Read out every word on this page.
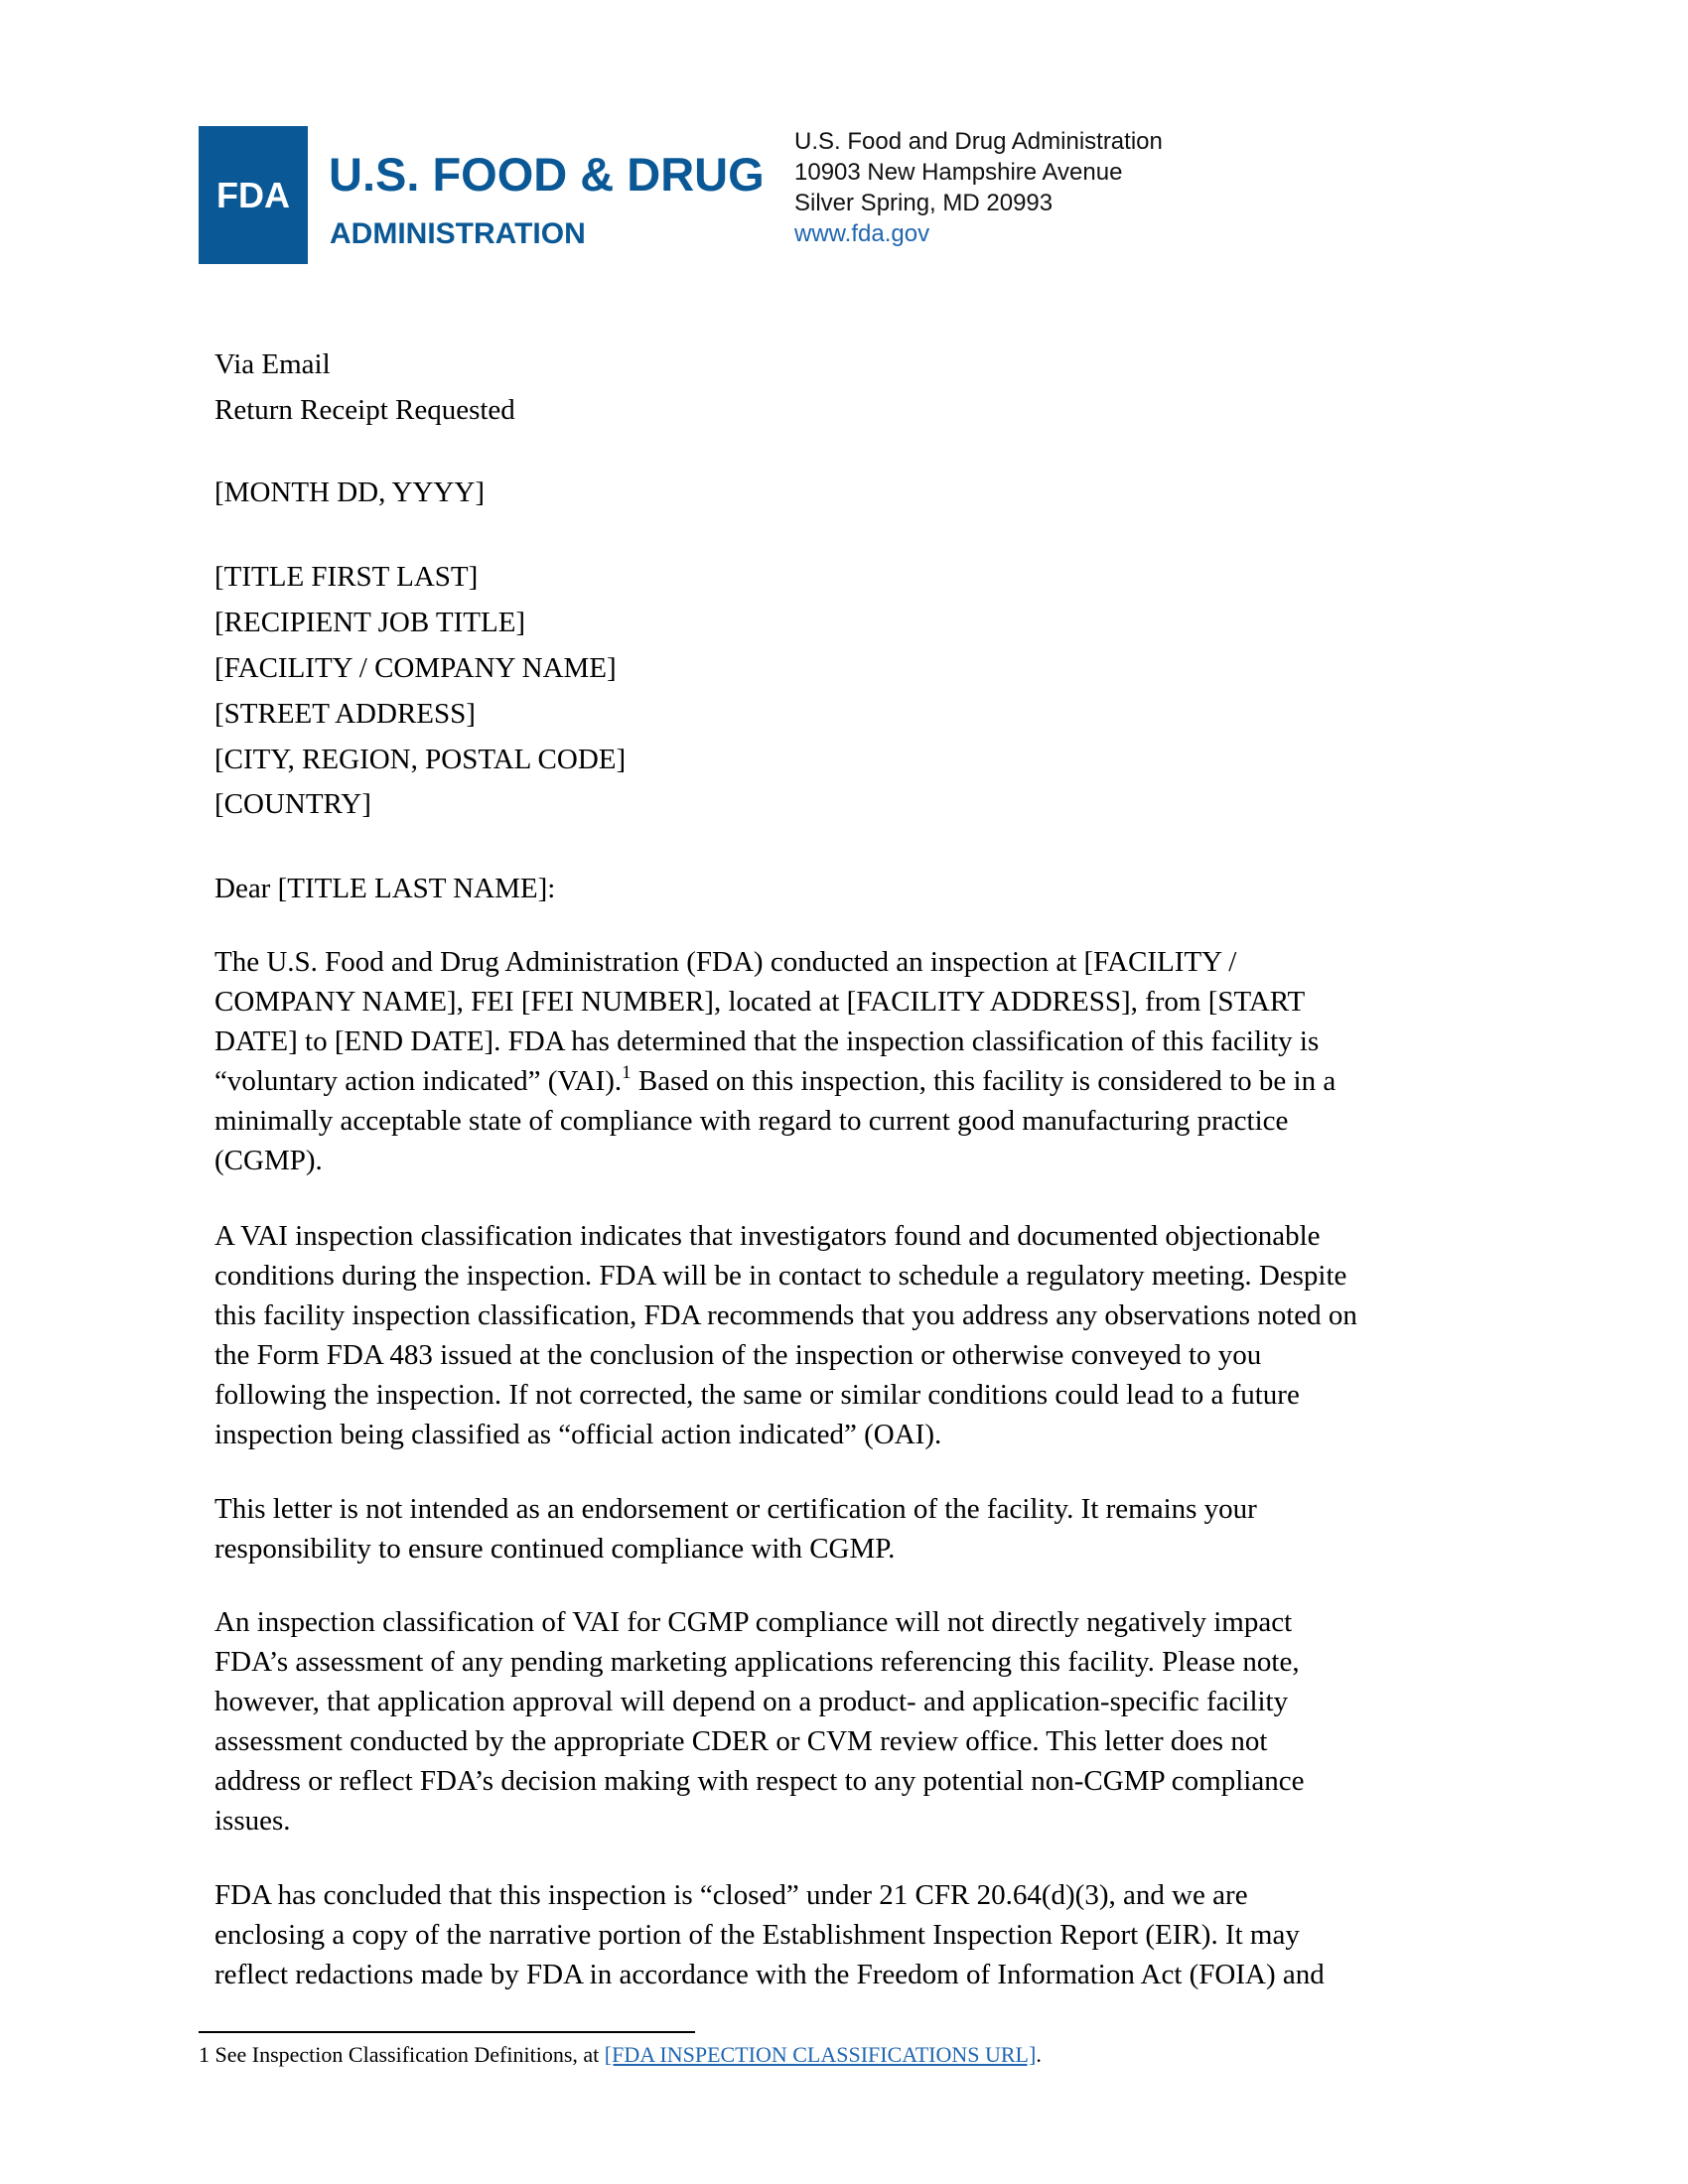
FDA U.S. FOOD & DRUG
ADMINISTRATION
U.S. Food and Drug Administration
10903 New Hampshire Avenue
Silver Spring, MD 20993
www.fda.gov
Via Email
Return Receipt Requested
[MONTH DD, YYYY]
[TITLE FIRST LAST]
[RECIPIENT JOB TITLE]
[FACILITY / COMPANY NAME]
[STREET ADDRESS]
[CITY, REGION, POSTAL CODE]
[COUNTRY]
Dear [TITLE LAST NAME]:
The U.S. Food and Drug Administration (FDA) conducted an inspection at [FACILITY /
COMPANY NAME], FEI [FEI NUMBER], located at [FACILITY ADDRESS], from [START
DATE] to [END DATE]. FDA has determined that the inspection classification of this facility is
“voluntary action indicated” (VAI).$^1$ Based on this inspection, this facility is considered to be in a
minimally acceptable state of compliance with regard to current good manufacturing practice
(CGMP).
A VAI inspection classification indicates that investigators found and documented objectionable
conditions during the inspection. FDA will be in contact to schedule a regulatory meeting. Despite
this facility inspection classification, FDA recommends that you address any observations noted on
the Form FDA 483 issued at the conclusion of the inspection or otherwise conveyed to you
following the inspection. If not corrected, the same or similar conditions could lead to a future
inspection being classified as “official action indicated” (OAI).
This letter is not intended as an endorsement or certification of the facility. It remains your
responsibility to ensure continued compliance with CGMP.
An inspection classification of VAI for CGMP compliance will not directly negatively impact
FDA’s assessment of any pending marketing applications referencing this facility. Please note,
however, that application approval will depend on a product- and application-specific facility
assessment conducted by the appropriate CDER or CVM review office. This letter does not
address or reflect FDA’s decision making with respect to any potential non-CGMP compliance
issues.
FDA has concluded that this inspection is “closed” under 21 CFR 20.64(d)(3), and we are
enclosing a copy of the narrative portion of the Establishment Inspection Report (EIR). It may
reflect redactions made by FDA in accordance with the Freedom of Information Act (FOIA) and
1 See Inspection Classification Definitions, at [FDA INSPECTION CLASSIFICATIONS URL].
